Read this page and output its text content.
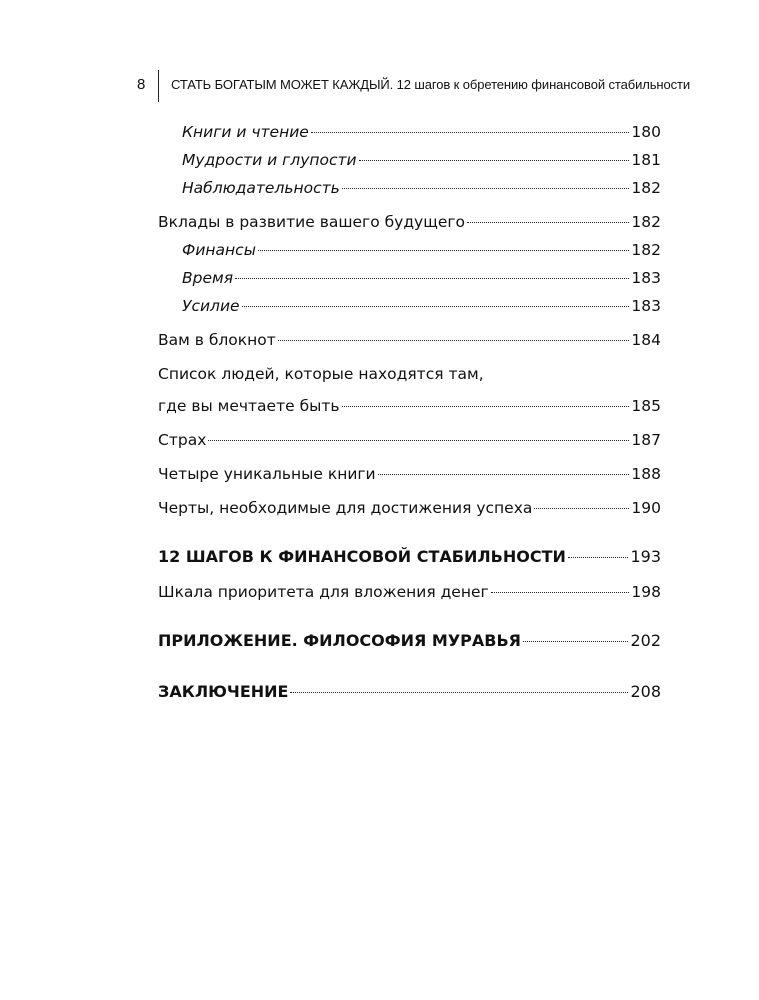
8 СТАТЬ БОГАТЫМ МОЖЕТ КАЖДЫЙ. 12 шагов к обретению финансовой стабильности
Книги и чтение	180
Мудрости и глупости	181
Наблюдательность	182
Вклады в развитие вашего будущего	182
Финансы	182
Время	183
Усилие	183
Вам в блокнот	184
Список людей, которые находятся там,
где вы мечтаете быть	185
Страх	187
Четыре уникальные книги	188
Черты, необходимые для достижения успеха	190
12 ШАГОВ К ФИНАНСОВОЙ СТАБИЛЬНОСТИ	193
Шкала приоритета для вложения денег	198
ПРИЛОЖЕНИЕ. ФИЛОСОФИЯ МУРАВЬЯ	202
ЗАКЛЮЧЕНИЕ	208
